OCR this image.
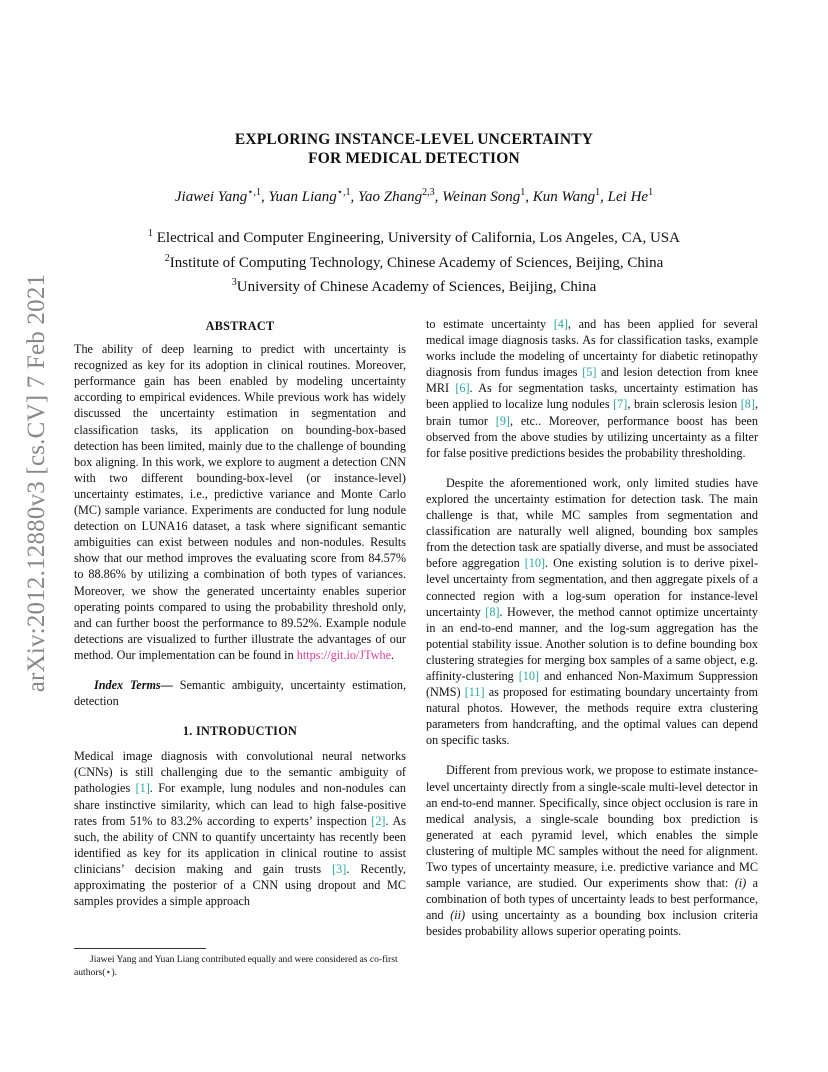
arXiv:2012.12880v3 [cs.CV] 7 Feb 2021
EXPLORING INSTANCE-LEVEL UNCERTAINTY
FOR MEDICAL DETECTION
Jiawei Yang$^{⋆,1}$, Yuan Liang$^{⋆,1}$, Yao Zhang$^{2,3}$, Weinan Song$^1$, Kun Wang$^1$, Lei He$^1$
$^1$ Electrical and Computer Engineering, University of California, Los Angeles, CA, USA
$^2$Institute of Computing Technology, Chinese Academy of Sciences, Beijing, China
$^3$University of Chinese Academy of Sciences, Beijing, China
ABSTRACT

The ability of deep learning to predict with uncertainty is recognized as key for its adoption in clinical routines. Moreover, performance gain has been enabled by modeling uncertainty according to empirical evidences. While previous work has widely discussed the uncertainty estimation in segmentation and classification tasks, its application on bounding-box-based detection has been limited, mainly due to the challenge of bounding box aligning. In this work, we explore to augment a detection CNN with two different bounding-box-level (or instance-level) uncertainty estimates, i.e., predictive variance and Monte Carlo (MC) sample variance. Experiments are conducted for lung nodule detection on LUNA16 dataset, a task where significant semantic ambiguities can exist between nodules and non-nodules. Results show that our method improves the evaluating score from 84.57% to 88.86% by utilizing a combination of both types of variances. Moreover, we show the generated uncertainty enables superior operating points compared to using the probability threshold only, and can further boost the performance to 89.52%. Example nodule detections are visualized to further illustrate the advantages of our method. Our implementation can be found in https://git.io/JTwhe.

Index Terms— Semantic ambiguity, uncertainty estimation, detection

1. INTRODUCTION

Medical image diagnosis with convolutional neural networks (CNNs) is still challenging due to the semantic ambiguity of pathologies [1]. For example, lung nodules and non-nodules can share instinctive similarity, which can lead to high false-positive rates from 51% to 83.2% according to experts’ inspection [2]. As such, the ability of CNN to quantify uncertainty has recently been identified as key for its application in clinical routine to assist clinicians’ decision making and gain trusts [3]. Recently, approximating the posterior of a CNN using dropout and MC samples provides a simple approach

Jiawei Yang and Yuan Liang contributed equally and were considered as co-first authors(⋆).

to estimate uncertainty [4], and has been applied for several medical image diagnosis tasks. As for classification tasks, example works include the modeling of uncertainty for diabetic retinopathy diagnosis from fundus images [5] and lesion detection from knee MRI [6]. As for segmentation tasks, uncertainty estimation has been applied to localize lung nodules [7], brain sclerosis lesion [8], brain tumor [9], etc.. Moreover, performance boost has been observed from the above studies by utilizing uncertainty as a filter for false positive predictions besides the probability thresholding.

Despite the aforementioned work, only limited studies have explored the uncertainty estimation for detection task. The main challenge is that, while MC samples from segmentation and classification are naturally well aligned, bounding box samples from the detection task are spatially diverse, and must be associated before aggregation [10]. One existing solution is to derive pixel-level uncertainty from segmentation, and then aggregate pixels of a connected region with a log-sum operation for instance-level uncertainty [8]. However, the method cannot optimize uncertainty in an end-to-end manner, and the log-sum aggregation has the potential stability issue. Another solution is to define bounding box clustering strategies for merging box samples of a same object, e.g. affinity-clustering [10] and enhanced Non-Maximum Suppression (NMS) [11] as proposed for estimating boundary uncertainty from natural photos. However, the methods require extra clustering parameters from handcrafting, and the optimal values can depend on specific tasks.

Different from previous work, we propose to estimate instance-level uncertainty directly from a single-scale multi-level detector in an end-to-end manner. Specifically, since object occlusion is rare in medical analysis, a single-scale bounding box prediction is generated at each pyramid level, which enables the simple clustering of multiple MC samples without the need for alignment. Two types of uncertainty measure, i.e. predictive variance and MC sample variance, are studied. Our experiments show that: (i) a combination of both types of uncertainty leads to best performance, and (ii) using uncertainty as a bounding box inclusion criteria besides probability allows superior operating points.
